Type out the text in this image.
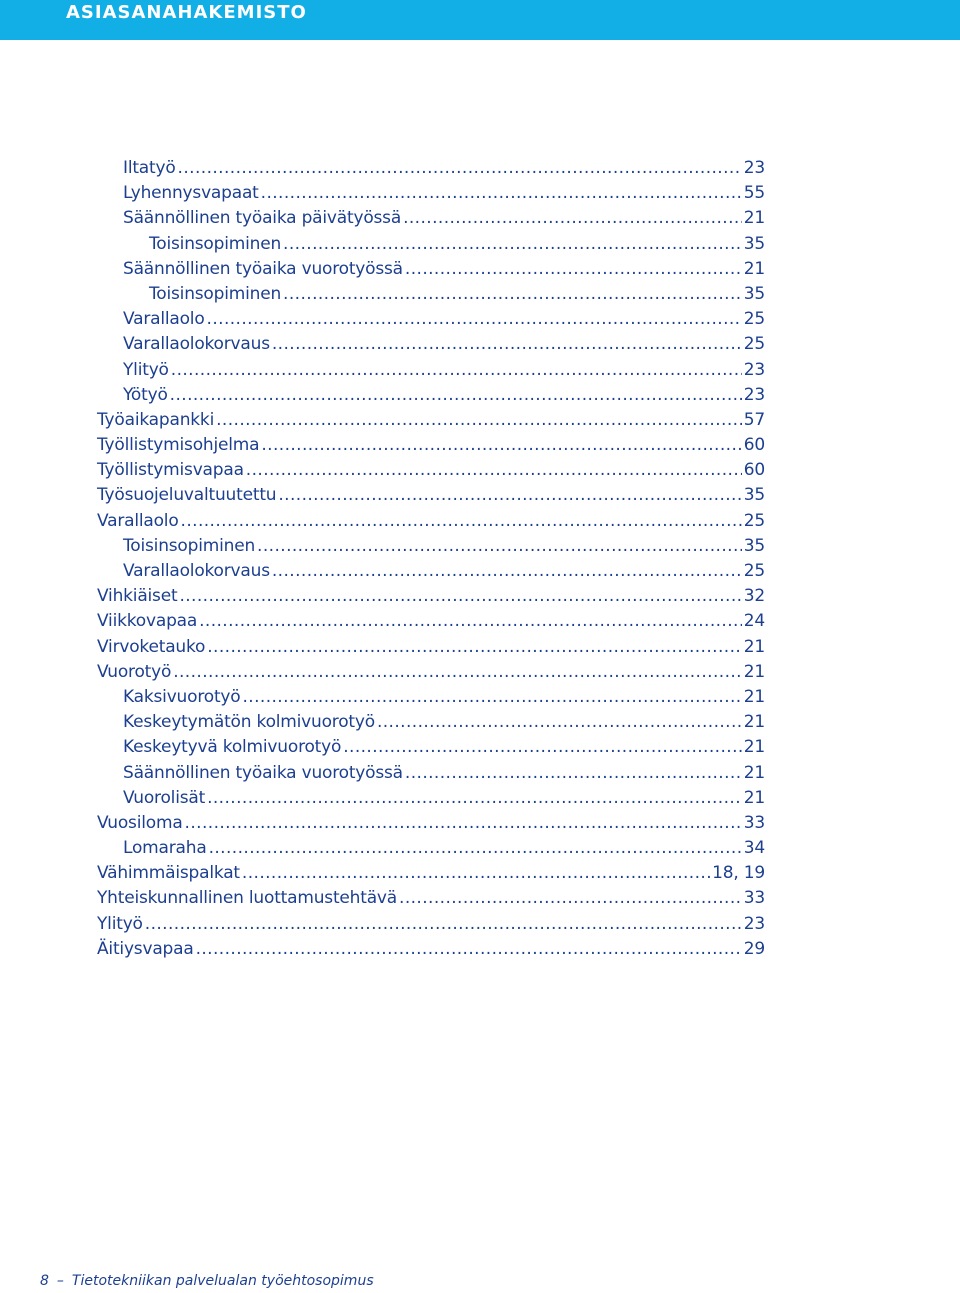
ASIASANAHAKEMISTO
Iltatyö .....	23
Lyhennysvapaat .....	55
Säännöllinen työaika päivätyössä .....	21
Toisinsopiminen .....	35
Säännöllinen työaika vuorotyössä .....	21
Toisinsopiminen .....	35
Varallaolo .....	25
Varallaolokorvaus .....	25
Ylityö .....	23
Yötyö .....	23
Työaikapankki .....	57
Työllistymisohjelma .....	60
Työllistymisvapaa .....	60
Työsuojeluvaltuutettu .....	35
Varallaolo .....	25
Toisinsopiminen .....	35
Varallaolokorvaus .....	25
Vihkiäiset .....	32
Viikkovapaa .....	24
Virvoketauko .....	21
Vuorotyö .....	21
Kaksivuorotyö .....	21
Keskeytymätön kolmivuorotyö .....	21
Keskeytyvä kolmivuorotyö .....	21
Säännöllinen työaika vuorotyössä .....	21
Vuorolisät .....	21
Vuosiloma .....	33
Lomaraha .....	34
Vähimmäispalkat .....	18, 19
Yhteiskunnallinen luottamustehtävä .....	33
Ylityö .....	23
Äitiysvapaa .....	29
8 – Tietotekniikan palvelualan työehtosopimus
